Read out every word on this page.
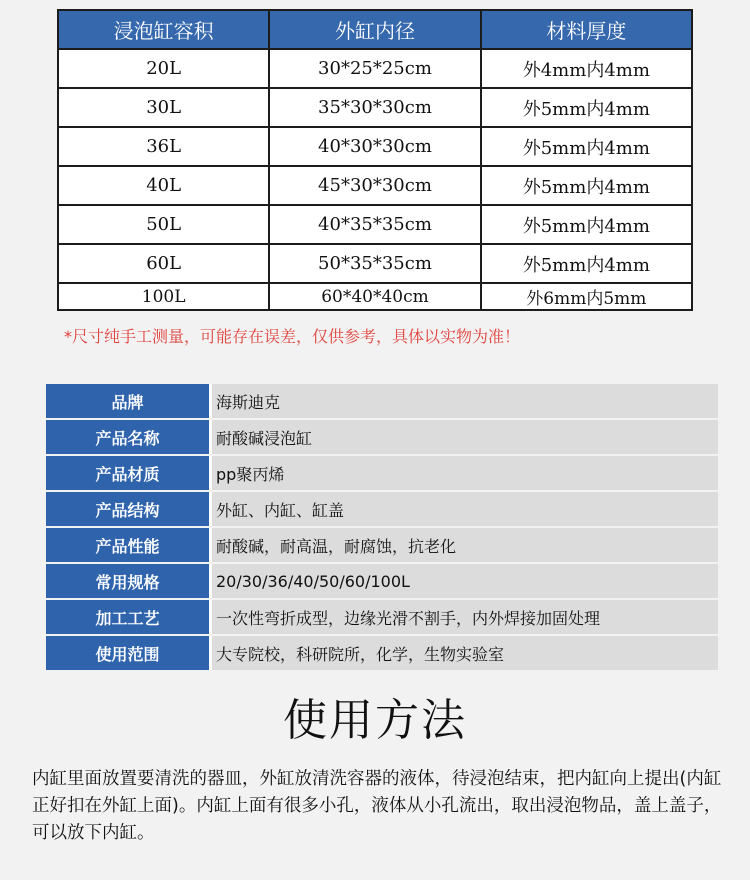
浸泡缸容积	外缸内径	材料厚度
20L	30*25*25cm	外4mm内4mm
30L	35*30*30cm	外5mm内4mm
36L	40*30*30cm	外5mm内4mm
40L	45*30*30cm	外5mm内4mm
50L	40*35*35cm	外5mm内4mm
60L	50*35*35cm	外5mm内4mm
100L	60*40*40cm	外6mm内5mm
*尺寸纯手工测量，可能存在误差，仅供参考，具体以实物为准！
品牌	海斯迪克
产品名称	耐酸碱浸泡缸
产品材质	pp聚丙烯
产品结构	外缸、内缸、缸盖
产品性能	耐酸碱，耐高温，耐腐蚀，抗老化
常用规格	20/30/36/40/50/60/100L
加工工艺	一次性弯折成型，边缘光滑不割手，内外焊接加固处理
使用范围	大专院校，科研院所，化学，生物实验室
使用方法

内缸里面放置要清洗的器皿，外缸放清洗容器的液体，待浸泡结束，把内缸向上提出(内缸正好扣在外缸上面)。内缸上面有很多小孔，液体从小孔流出，取出浸泡物品，盖上盖子，可以放下内缸。
